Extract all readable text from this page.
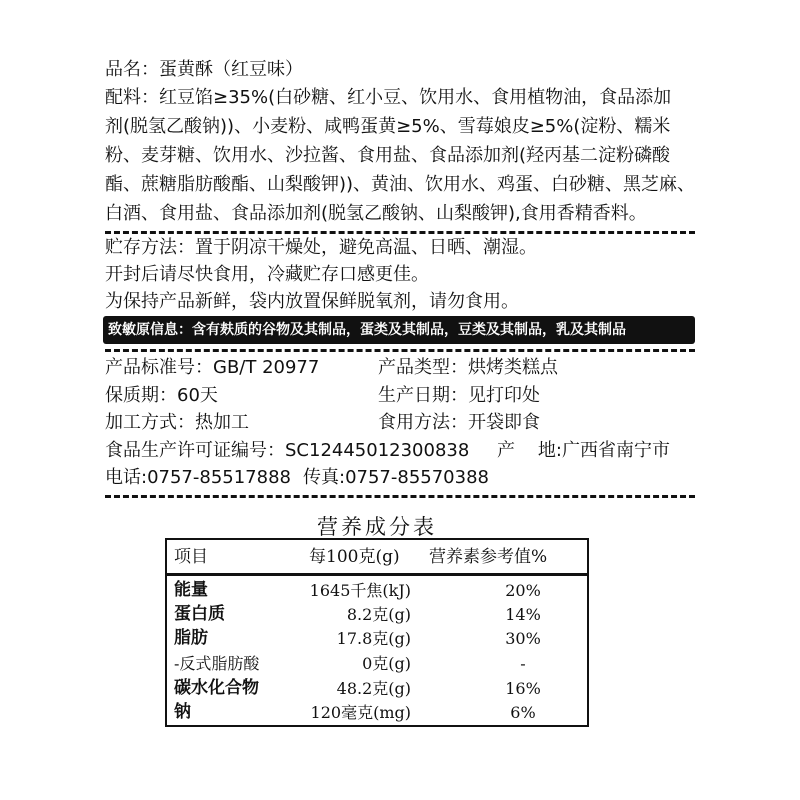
品名：蛋黄酥（红豆味）
配料：红豆馅≥35%(白砂糖、红小豆、饮用水、食用植物油，食品添加
剂(脱氢乙酸钠))、小麦粉、咸鸭蛋黄≥5%、雪莓娘皮≥5%(淀粉、糯米
粉、麦芽糖、饮用水、沙拉酱、食用盐、食品添加剂(羟丙基二淀粉磷酸
酯、蔗糖脂肪酸酯、山梨酸钾))、黄油、饮用水、鸡蛋、白砂糖、黑芝麻、
白酒、食用盐、食品添加剂(脱氢乙酸钠、山梨酸钾),食用香精香料。
贮存方法：置于阴凉干燥处，避免高温、日晒、潮湿。
开封后请尽快食用，冷藏贮存口感更佳。
为保持产品新鲜，袋内放置保鲜脱氧剂，请勿食用。
致敏原信息：含有麸质的谷物及其制品，蛋类及其制品，豆类及其制品，乳及其制品
产品标准号：GB/T 20977	产品类型：烘烤类糕点
保质期：60天	生产日期：见打印处
加工方式：热加工	食用方法：开袋即食
食品生产许可证编号：SC12445012300838 产    地:广西省南宁市
电话:0757-85517888 传真:0757-85570388
营养成分表
项目	每100克(g) 营养素参考值%
能量	1645千焦(kJ)	20%
蛋白质	8.2克(g)	14%
脂肪	17.8克(g)	30%
-反式脂肪酸	0克(g)	-
碳水化合物	48.2克(g)	16%
钠	120毫克(mg)	6%
